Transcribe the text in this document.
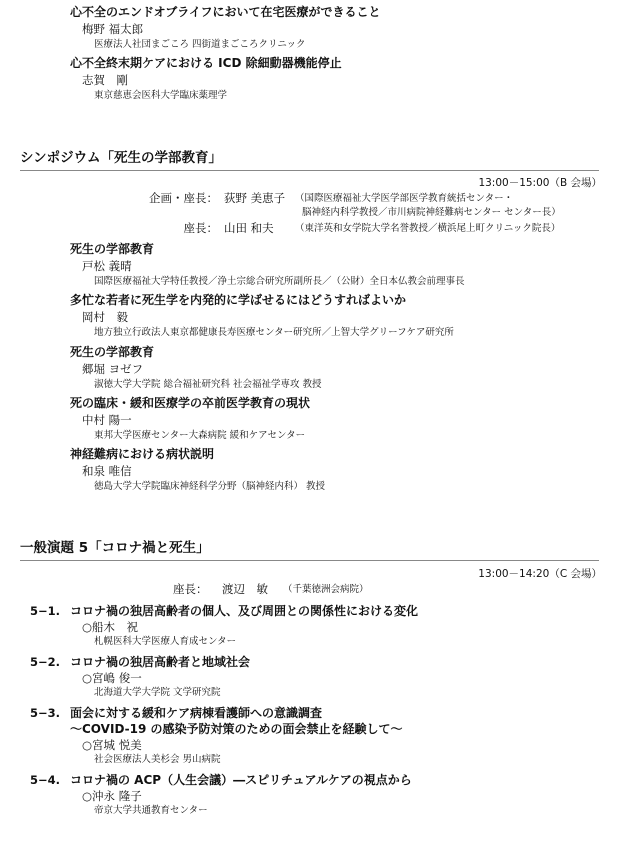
心不全のエンドオブライフにおいて在宅医療ができること
梅野 福太郎
医療法人社団まごころ 四街道まごころクリニック
心不全終末期ケアにおける ICD 除細動器機能停止
志賀　剛
東京慈恵会医科大学臨床薬理学
シンポジウム「死生の学部教育」
13:00－15:00（B 会場）
企画・座長： 荻野 美恵子 （国際医療福祉大学医学部医学教育統括センター・
脳神経内科学教授／市川病院神経難病センター センター長）
座長： 山田 和夫 （東洋英和女学院大学名誉教授／横浜尾上町クリニック院長）
死生の学部教育
戸松 義晴
国際医療福祉大学特任教授／浄土宗総合研究所副所長／（公財）全日本仏教会前理事長
多忙な若者に死生学を内発的に学ばせるにはどうすればよいか
岡村　毅
地方独立行政法人東京都健康長寿医療センター研究所／上智大学グリーフケア研究所
死生の学部教育
郷堀 ヨゼフ
淑徳大学大学院 総合福祉研究科 社会福祉学専攻 教授
死の臨床・緩和医療学の卒前医学教育の現状
中村 陽一
東邦大学医療センター大森病院 緩和ケアセンター
神経難病における病状説明
和泉 唯信
徳島大学大学院臨床神経科学分野（脳神経内科） 教授
一般演題 5「コロナ禍と死生」
13:00－14:20（C 会場）
座長： 渡辺　敏 （千葉徳洲会病院）
5−1. コロナ禍の独居高齢者の個人、及び周囲との関係性における変化
○船木　祝
札幌医科大学医療人育成センター
5−2. コロナ禍の独居高齢者と地域社会
○宮嶋 俊一
北海道大学大学院 文学研究院
5−3. 面会に対する緩和ケア病棟看護師への意識調査
〜COVID-19 の感染予防対策のための面会禁止を経験して〜
○宮城 悦美
社会医療法人美杉会 男山病院
5−4. コロナ禍の ACP（人生会議）―スピリチュアルケアの視点から
○沖永 隆子
帝京大学共通教育センター
